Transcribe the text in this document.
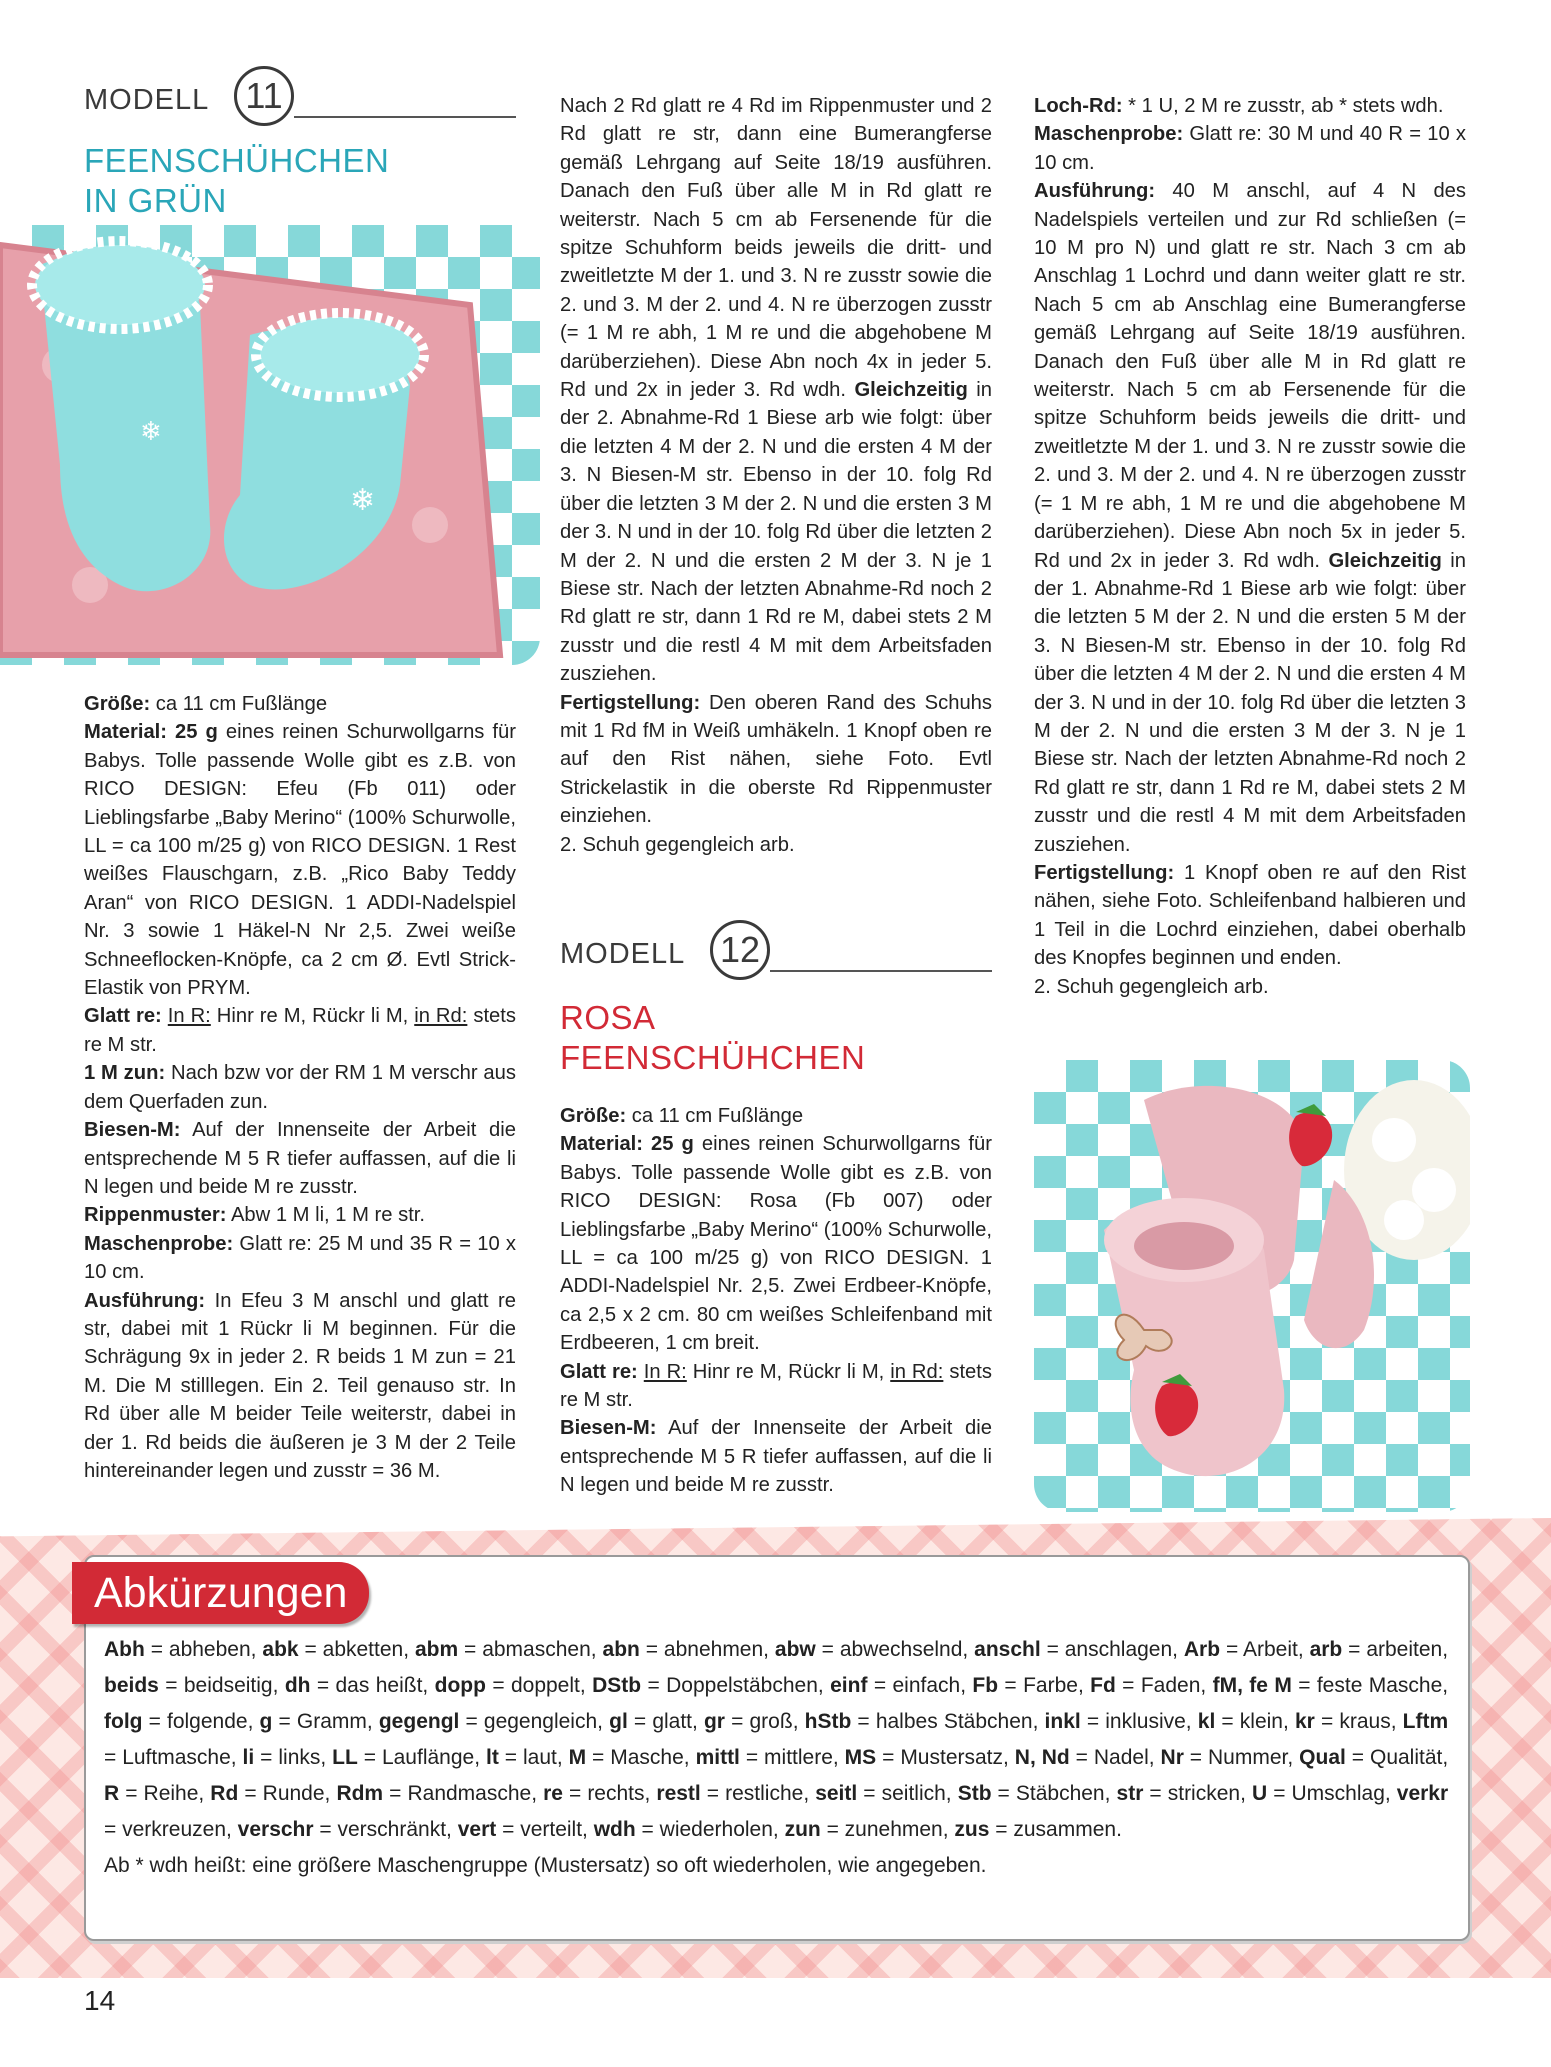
MODELL	11
FEENSCHÜHCHEN
IN GRÜN
❄
❄

Größe: ca 11 cm Fußlänge

Material: 25 g eines reinen Schurwollgarns für Babys. Tolle passende Wolle gibt es z.B. von RICO DESIGN: Efeu (Fb 011) oder Lieblingsfarbe „Baby Merino“ (100% Schurwolle, LL = ca 100 m/25 g) von RICO DESIGN. 1 Rest weißes Flauschgarn, z.B. „Rico Baby Teddy Aran“ von RICO DESIGN. 1 ADDI-Nadelspiel Nr. 3 sowie 1 Häkel-N Nr 2,5. Zwei weiße Schneeflocken-Knöpfe, ca 2 cm Ø. Evtl Strick-Elastik von PRYM.

Glatt re: In R: Hinr re M, Rückr li M, in Rd: stets re M str.

1 M zun: Nach bzw vor der RM 1 M verschr aus dem Querfaden zun.

Biesen-M: Auf der Innenseite der Arbeit die entsprechende M 5 R tiefer auffassen, auf die li N legen und beide M re zusstr.

Rippenmuster: Abw 1 M li, 1 M re str.

Maschenprobe: Glatt re: 25 M und 35 R = 10 x 10 cm.

Ausführung: In Efeu 3 M anschl und glatt re str, dabei mit 1 Rückr li M beginnen. Für die Schrägung 9x in jeder 2. R beids 1 M zun = 21 M. Die M stilllegen. Ein 2. Teil genauso str. In Rd über alle M beider Teile weiterstr, dabei in der 1. Rd beids die äußeren je 3 M der 2 Teile hintereinander legen und zusstr = 36 M.

Nach 2 Rd glatt re 4 Rd im Rippenmuster und 2 Rd glatt re str, dann eine Bumerangferse gemäß Lehrgang auf Seite 18/19 ausführen. Danach den Fuß über alle M in Rd glatt re weiterstr. Nach 5 cm ab Fersenende für die spitze Schuhform beids jeweils die dritt- und zweitletzte M der 1. und 3. N re zusstr sowie die 2. und 3. M der 2. und 4. N re überzogen zusstr (= 1 M re abh, 1 M re und die abgehobene M darüberziehen). Diese Abn noch 4x in jeder 5. Rd und 2x in jeder 3. Rd wdh. Gleichzeitig in der 2. Abnahme-Rd 1 Biese arb wie folgt: über die letzten 4 M der 2. N und die ersten 4 M der 3. N Biesen-M str. Ebenso in der 10. folg Rd über die letzten 3 M der 2. N und die ersten 3 M der 3. N und in der 10. folg Rd über die letzten 2 M der 2. N und die ersten 2 M der 3. N je 1 Biese str. Nach der letzten Abnahme-Rd noch 2 Rd glatt re str, dann 1 Rd re M, dabei stets 2 M zusstr und die restl 4 M mit dem Arbeitsfaden zusziehen.

Fertigstellung: Den oberen Rand des Schuhs mit 1 Rd fM in Weiß umhäkeln. 1 Knopf oben re auf den Rist nähen, siehe Foto. Evtl Strickelastik in die oberste Rd Rippenmuster einziehen.

2. Schuh gegengleich arb.

MODELL 12
ROSA
FEENSCHÜHCHEN

Größe: ca 11 cm Fußlänge

Material: 25 g eines reinen Schurwollgarns für Babys. Tolle passende Wolle gibt es z.B. von RICO DESIGN: Rosa (Fb 007) oder Lieblingsfarbe „Baby Merino“ (100% Schurwolle, LL = ca 100 m/25 g) von RICO DESIGN. 1 ADDI-Nadelspiel Nr. 2,5. Zwei Erdbeer-Knöpfe, ca 2,5 x 2 cm. 80 cm weißes Schleifenband mit Erdbeeren, 1 cm breit.

Glatt re: In R: Hinr re M, Rückr li M, in Rd: stets re M str.

Biesen-M: Auf der Innenseite der Arbeit die entsprechende M 5 R tiefer auffassen, auf die li N legen und beide M re zusstr.

Loch-Rd: * 1 U, 2 M re zusstr, ab * stets wdh.

Maschenprobe: Glatt re: 30 M und 40 R = 10 x 10 cm.

Ausführung: 40 M anschl, auf 4 N des Nadelspiels verteilen und zur Rd schließen (= 10 M pro N) und glatt re str. Nach 3 cm ab Anschlag 1 Lochrd und dann weiter glatt re str. Nach 5 cm ab Anschlag eine Bumerangferse gemäß Lehrgang auf Seite 18/19 ausführen. Danach den Fuß über alle M in Rd glatt re weiterstr. Nach 5 cm ab Fersenende für die spitze Schuhform beids jeweils die dritt- und zweitletzte M der 1. und 3. N re zusstr sowie die 2. und 3. M der 2. und 4. N re überzogen zusstr (= 1 M re abh, 1 M re und die abgehobene M darüberziehen). Diese Abn noch 5x in jeder 5. Rd und 2x in jeder 3. Rd wdh. Gleichzeitig in der 1. Abnahme-Rd 1 Biese arb wie folgt: über die letzten 5 M der 2. N und die ersten 5 M der 3. N Biesen-M str. Ebenso in der 10. folg Rd über die letzten 4 M der 2. N und die ersten 4 M der 3. N und in der 10. folg Rd über die letzten 3 M der 2. N und die ersten 3 M der 3. N je 1 Biese str. Nach der letzten Abnahme-Rd noch 2 Rd glatt re str, dann 1 Rd re M, dabei stets 2 M zusstr und die restl 4 M mit dem Arbeitsfaden zusziehen.

Fertigstellung: 1 Knopf oben re auf den Rist nähen, siehe Foto. Schleifenband halbieren und 1 Teil in die Lochrd einziehen, dabei oberhalb des Knopfes beginnen und enden.

2. Schuh gegengleich arb.

Abkürzungen
Abh = abheben, abk = abketten, abm = abmaschen, abn = abnehmen, abw = abwechselnd, anschl = anschlagen, Arb = Arbeit, arb = arbeiten, beids = beidseitig, dh = das heißt, dopp = doppelt, DStb = Doppelstäbchen, einf = einfach, Fb = Farbe, Fd = Faden, fM, fe M = feste Masche, folg = folgende, g = Gramm, gegengl = gegengleich, gl = glatt, gr = groß, hStb = halbes Stäbchen, inkl = inklusive, kl = klein, kr = kraus, Lftm = Luftmasche, li = links, LL = Lauflänge, lt = laut, M = Masche, mittl = mittlere, MS = Mustersatz, N, Nd = Nadel, Nr = Nummer, Qual = Qualität, R = Reihe, Rd = Runde, Rdm = Randmasche, re = rechts, restl = restliche, seitl = seitlich, Stb = Stäbchen, str = stricken, U = Umschlag, verkr = verkreuzen, verschr = verschränkt, vert = verteilt, wdh = wiederholen, zun = zunehmen, zus = zusammen.
Ab * wdh heißt: eine größere Maschengruppe (Mustersatz) so oft wiederholen, wie angegeben.
14
